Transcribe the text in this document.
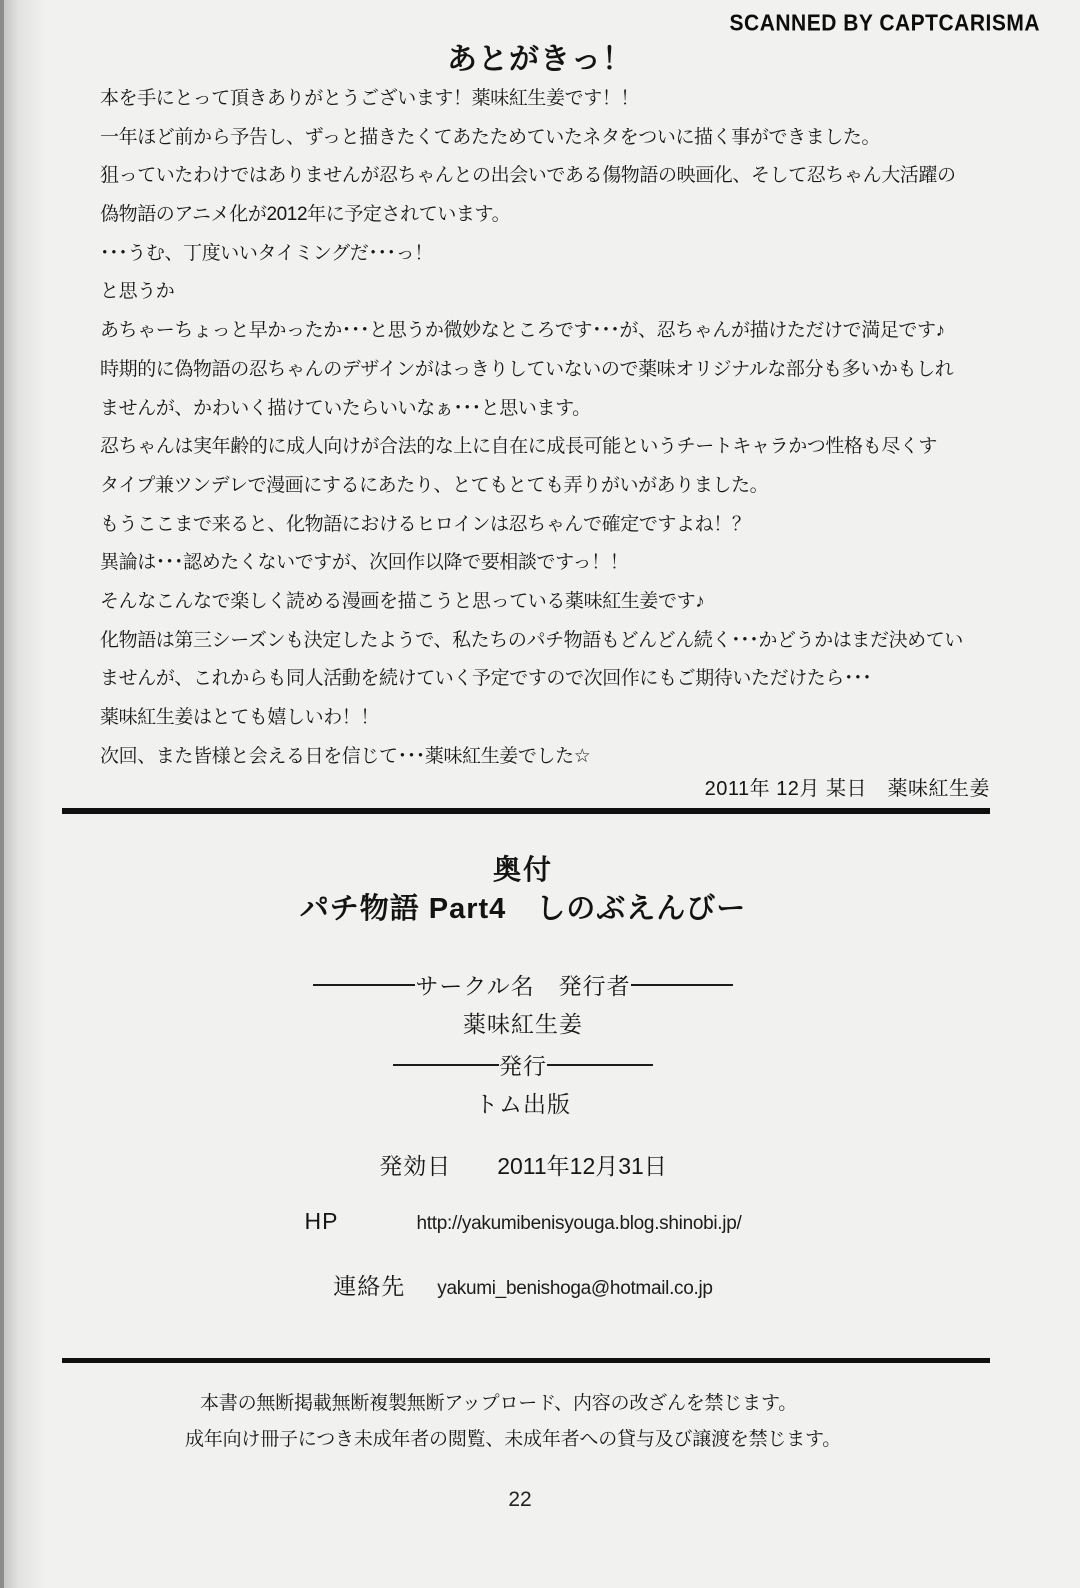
SCANNED BY CAPTCARISMA
あとがきっ！
本を手にとって頂きありがとうございます！薬味紅生姜です！！
一年ほど前から予告し、ずっと描きたくてあたためていたネタをついに描く事ができました。
狙っていたわけではありませんが忍ちゃんとの出会いである傷物語の映画化、そして忍ちゃん大活躍の
偽物語のアニメ化が2012年に予定されています。
･･･うむ、丁度いいタイミングだ･･･っ！
と思うか
あちゃーちょっと早かったか･･･と思うか微妙なところです･･･が、忍ちゃんが描けただけで満足です♪
時期的に偽物語の忍ちゃんのデザインがはっきりしていないので薬味オリジナルな部分も多いかもしれ
ませんが、かわいく描けていたらいいなぁ･･･と思います。
忍ちゃんは実年齢的に成人向けが合法的な上に自在に成長可能というチートキャラかつ性格も尽くす
タイプ兼ツンデレで漫画にするにあたり、とてもとても弄りがいがありました。
もうここまで来ると、化物語におけるヒロインは忍ちゃんで確定ですよね！？
異論は･･･認めたくないですが、次回作以降で要相談ですっ！！
そんなこんなで楽しく読める漫画を描こうと思っている薬味紅生姜です♪
化物語は第三シーズンも決定したようで、私たちのパチ物語もどんどん続く･･･かどうかはまだ決めてい
ませんが、これからも同人活動を続けていく予定ですので次回作にもご期待いただけたら･･･
薬味紅生姜はとても嬉しいわ！！
次回、また皆様と会える日を信じて･･･薬味紅生姜でした☆
2011年 12月 某日　薬味紅生姜
奥付
パチ物語 Part4　しのぶえんびー
サークル名　発行者
薬味紅生姜
発行
トム出版
発効日 2011年12月31日
HP	http://yakumibenisyouga.blog.shinobi.jp/
連絡先 yakumi_benishoga@hotmail.co.jp
本書の無断掲載無断複製無断アップロード、内容の改ざんを禁じます。
成年向け冊子につき未成年者の閲覧、未成年者への貸与及び譲渡を禁じます。
22
